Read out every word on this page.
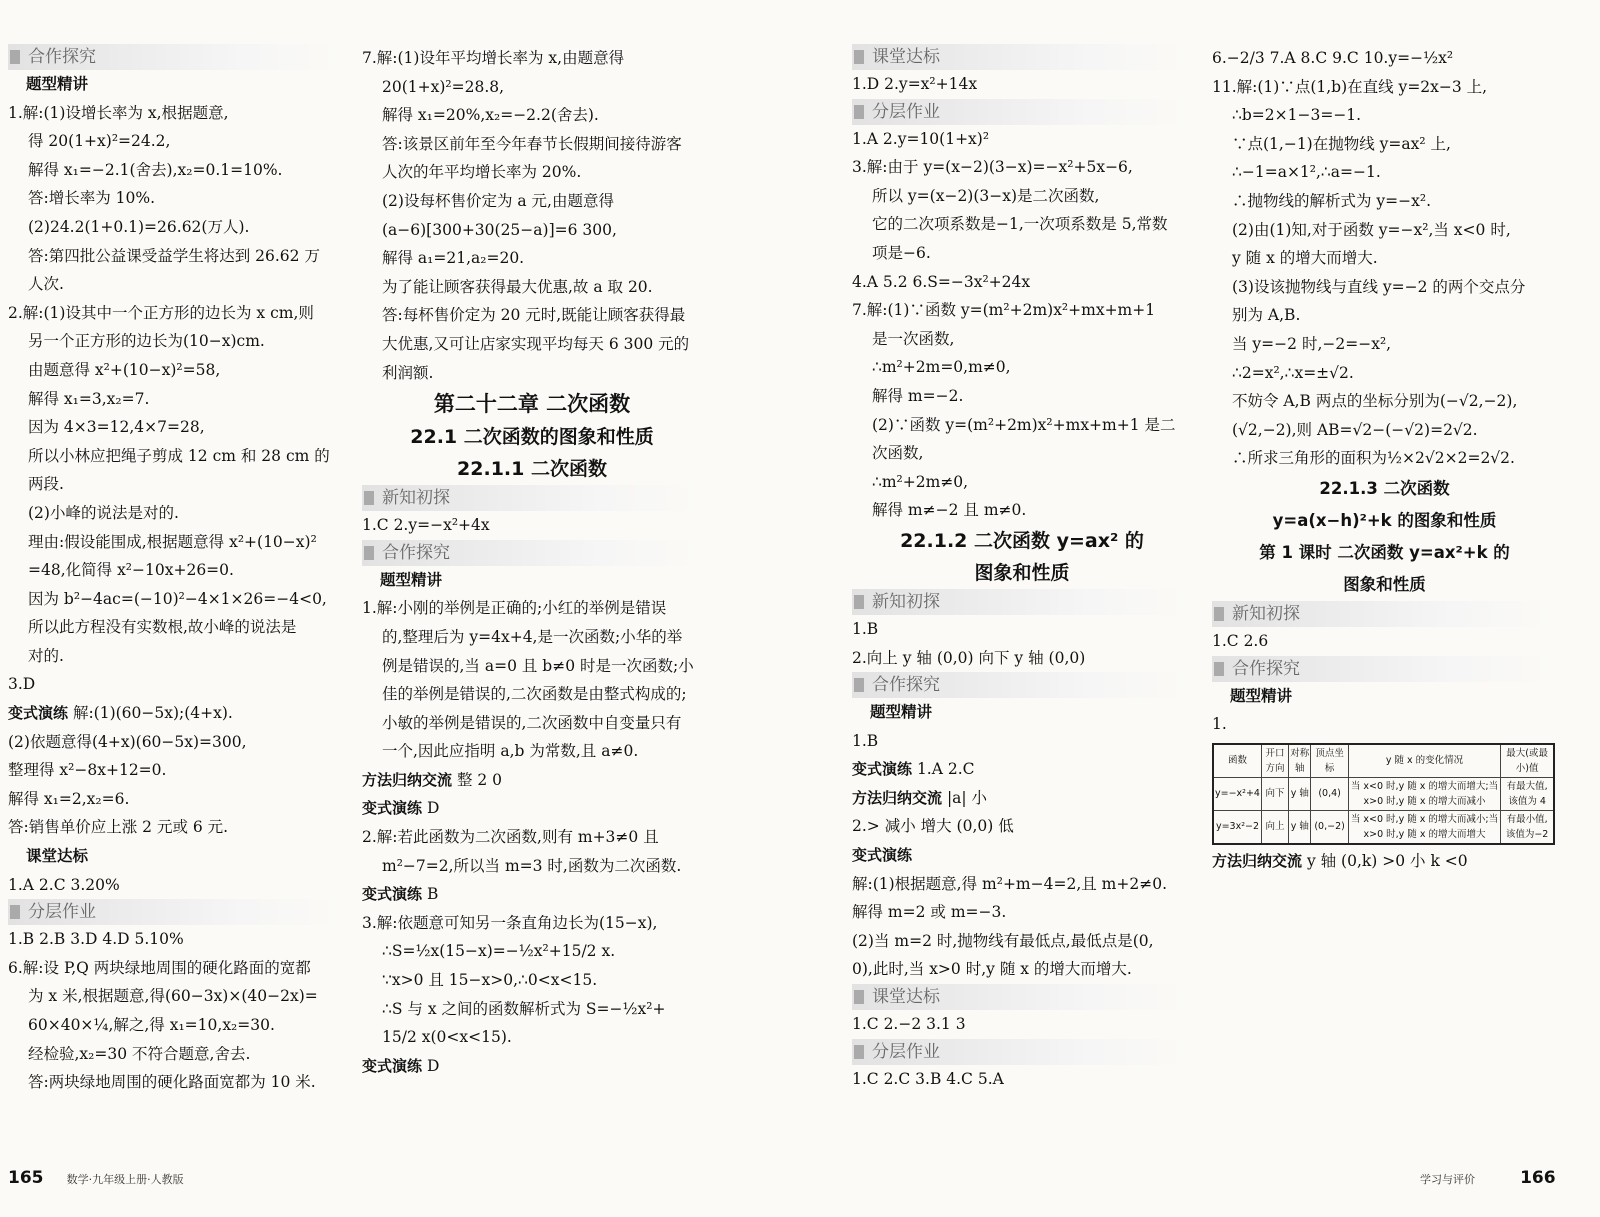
合作探究

题型精讲

1.解:(1)设增长率为 x,根据题意,

得 20(1+x)²=24.2,

解得 x₁=−2.1(舍去),x₂=0.1=10%.

答:增长率为 10%.

(2)24.2(1+0.1)=26.62(万人).

答:第四批公益课受益学生将达到 26.62 万

人次.

2.解:(1)设其中一个正方形的边长为 x cm,则

另一个正方形的边长为(10−x)cm.

由题意得 x²+(10−x)²=58,

解得 x₁=3,x₂=7.

因为 4×3=12,4×7=28,

所以小林应把绳子剪成 12 cm 和 28 cm 的

两段.

(2)小峰的说法是对的.

理由:假设能围成,根据题意得 x²+(10−x)²

=48,化简得 x²−10x+26=0.

因为 b²−4ac=(−10)²−4×1×26=−4<0,

所以此方程没有实数根,故小峰的说法是

对的.

3.D

变式演练 解:(1)(60−5x);(4+x).

(2)依题意得(4+x)(60−5x)=300,

整理得 x²−8x+12=0.

解得 x₁=2,x₂=6.

答:销售单价应上涨 2 元或 6 元.

课堂达标

1.A 2.C 3.20%

分层作业

1.B 2.B 3.D 4.D 5.10%

6.解:设 P,Q 两块绿地周围的硬化路面的宽都

为 x 米,根据题意,得(60−3x)×(40−2x)=

60×40×¼,解之,得 x₁=10,x₂=30.

经检验,x₂=30 不符合题意,舍去.

答:两块绿地周围的硬化路面宽都为 10 米.

7.解:(1)设年平均增长率为 x,由题意得

20(1+x)²=28.8,

解得 x₁=20%,x₂=−2.2(舍去).

答:该景区前年至今年春节长假期间接待游客

人次的年平均增长率为 20%.

(2)设每杯售价定为 a 元,由题意得

(a−6)[300+30(25−a)]=6 300,

解得 a₁=21,a₂=20.

为了能让顾客获得最大优惠,故 a 取 20.

答:每杯售价定为 20 元时,既能让顾客获得最

大优惠,又可让店家实现平均每天 6 300 元的

利润额.

第二十二章 二次函数

22.1 二次函数的图象和性质

22.1.1 二次函数

新知初探

1.C 2.y=−x²+4x

合作探究

题型精讲

1.解:小刚的举例是正确的;小红的举例是错误

的,整理后为 y=4x+4,是一次函数;小华的举

例是错误的,当 a=0 且 b≠0 时是一次函数;小

佳的举例是错误的,二次函数是由整式构成的;

小敏的举例是错误的,二次函数中自变量只有

一个,因此应指明 a,b 为常数,且 a≠0.

方法归纳交流 整 2 0

变式演练 D

2.解:若此函数为二次函数,则有 m+3≠0 且

m²−7=2,所以当 m=3 时,函数为二次函数.

变式演练 B

3.解:依题意可知另一条直角边长为(15−x),

∴S=½x(15−x)=−½x²+15/2 x.

∵x>0 且 15−x>0,∴0<x<15.

∴S 与 x 之间的函数解析式为 S=−½x²+

15/2 x(0<x<15).

变式演练 D

课堂达标

1.D 2.y=x²+14x

分层作业

1.A 2.y=10(1+x)²

3.解:由于 y=(x−2)(3−x)=−x²+5x−6,

所以 y=(x−2)(3−x)是二次函数,

它的二次项系数是−1,一次项系数是 5,常数

项是−6.

4.A 5.2 6.S=−3x²+24x

7.解:(1)∵函数 y=(m²+2m)x²+mx+m+1

是一次函数,

∴m²+2m=0,m≠0,

解得 m=−2.

(2)∵函数 y=(m²+2m)x²+mx+m+1 是二

次函数,

∴m²+2m≠0,

解得 m≠−2 且 m≠0.

22.1.2 二次函数 y=ax² 的

图象和性质

新知初探

1.B

2.向上 y 轴 (0,0) 向下 y 轴 (0,0)

合作探究

题型精讲

1.B

变式演练 1.A 2.C

方法归纳交流 |a| 小

2.> 减小 增大 (0,0) 低

变式演练

解:(1)根据题意,得 m²+m−4=2,且 m+2≠0.

解得 m=2 或 m=−3.

(2)当 m=2 时,抛物线有最低点,最低点是(0,

0),此时,当 x>0 时,y 随 x 的增大而增大.

课堂达标

1.C 2.−2 3.1 3

分层作业

1.C 2.C 3.B 4.C 5.A

6.−2/3 7.A 8.C 9.C 10.y=−½x²

11.解:(1)∵点(1,b)在直线 y=2x−3 上,

∴b=2×1−3=−1.

∵点(1,−1)在抛物线 y=ax² 上,

∴−1=a×1²,∴a=−1.

∴抛物线的解析式为 y=−x².

(2)由(1)知,对于函数 y=−x²,当 x<0 时,

y 随 x 的增大而增大.

(3)设该抛物线与直线 y=−2 的两个交点分

别为 A,B.

当 y=−2 时,−2=−x²,

∴2=x²,∴x=±√2.

不妨令 A,B 两点的坐标分别为(−√2,−2),

(√2,−2),则 AB=√2−(−√2)=2√2.

∴所求三角形的面积为½×2√2×2=2√2.

22.1.3 二次函数

y=a(x−h)²+k 的图象和性质

第 1 课时 二次函数 y=ax²+k 的

图象和性质

新知初探

1.C 2.6

合作探究

题型精讲

1.

函数	开口方向	对称轴	顶点坐标	y 随 x 的变化情况	最大(或最小)值
y=−x²+4	向下	y 轴	(0,4)	当 x<0 时,y 随 x 的增大而增大;当 x>0 时,y 随 x 的增大而减小	有最大值,该值为 4
y=3x²−2	向上	y 轴	(0,−2)	当 x<0 时,y 随 x 的增大而减小;当 x>0 时,y 随 x 的增大而增大	有最小值,该值为−2

方法归纳交流 y 轴 (0,k) >0 小 k <0

165 数学·九年级上册·人教版	学习与评价	166
